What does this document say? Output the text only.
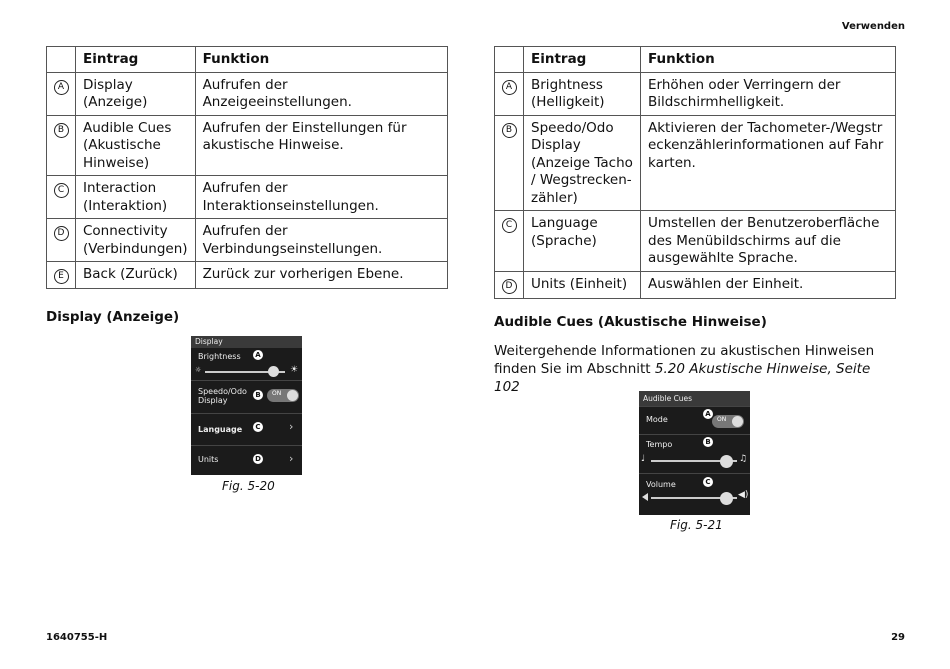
Verwenden
	Eintrag	Funktion
A	Display (Anzeige)	Aufrufen der Anzeigeeinstellungen.
B	Audible Cues (Akustische Hinweise)	Aufrufen der Einstellungen für akustische Hinweise.
C	Interaction (Interaktion)	Aufrufen der Interaktionseinstellungen.
D	Connectivity (Verbindungen)	Aufrufen der Verbindungseinstellungen.
E	Back (Zurück)	Zurück zur vorherigen Ebene.
	Eintrag	Funktion
A	Brightness (Helligkeit)	Erhöhen oder Verringern der Bildschirmhelligkeit.
B	Speedo/Odo Display (Anzeige Tacho / Wegstrecken-zähler)	Aktivieren der Tachometer-/Wegstreckenzählerinformationen auf Fahrkarten.
C	Language (Sprache)	Umstellen der Benutzeroberfläche des Menübildschirms auf die ausgewählte Sprache.
D	Units (Einheit)	Auswählen der Einheit.
Display (Anzeige)
Display
Brightness	A
☼	☀
Speedo/Odo
Display
B	ON
Language	C	›
Units	D	›
Fig. 5-20
Audible Cues (Akustische Hinweise)
Weitergehende Informationen zu akustischen Hinweisen finden Sie im Abschnitt 5.20 Akustische Hinweise, Seite 102
Audible Cues
Mode
A
ON
Tempo	B
♩	♫
Volume	C
◀)
Fig. 5-21
1640755-H	29
